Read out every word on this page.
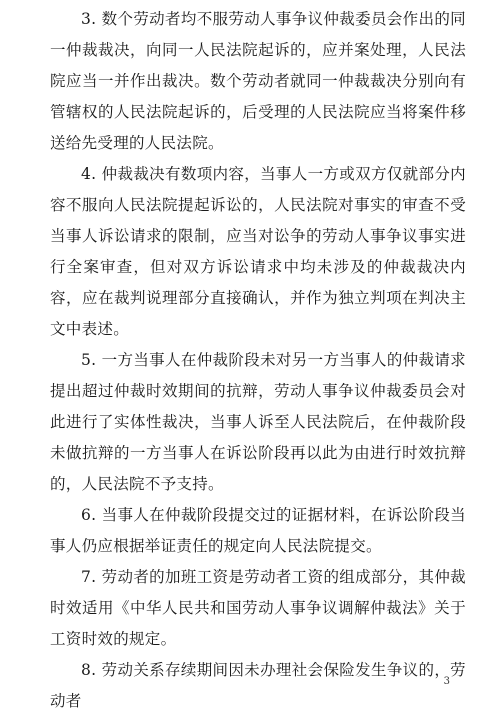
3. 数个劳动者均不服劳动人事争议仲裁委员会作出的同一仲裁裁决，向同一人民法院起诉的，应并案处理，人民法院应当一并作出裁决。数个劳动者就同一仲裁裁决分别向有管辖权的人民法院起诉的，后受理的人民法院应当将案件移送给先受理的人民法院。

4. 仲裁裁决有数项内容，当事人一方或双方仅就部分内容不服向人民法院提起诉讼的，人民法院对事实的审查不受当事人诉讼请求的限制，应当对讼争的劳动人事争议事实进行全案审查，但对双方诉讼请求中均未涉及的仲裁裁决内容，应在裁判说理部分直接确认，并作为独立判项在判决主文中表述。

5. 一方当事人在仲裁阶段未对另一方当事人的仲裁请求提出超过仲裁时效期间的抗辩，劳动人事争议仲裁委员会对此进行了实体性裁决，当事人诉至人民法院后，在仲裁阶段未做抗辩的一方当事人在诉讼阶段再以此为由进行时效抗辩的，人民法院不予支持。

6. 当事人在仲裁阶段提交过的证据材料，在诉讼阶段当事人仍应根据举证责任的规定向人民法院提交。

7. 劳动者的加班工资是劳动者工资的组成部分，其仲裁时效适用《中华人民共和国劳动人事争议调解仲裁法》关于工资时效的规定。

8. 劳动关系存续期间因未办理社会保险发生争议的，劳动者

3
